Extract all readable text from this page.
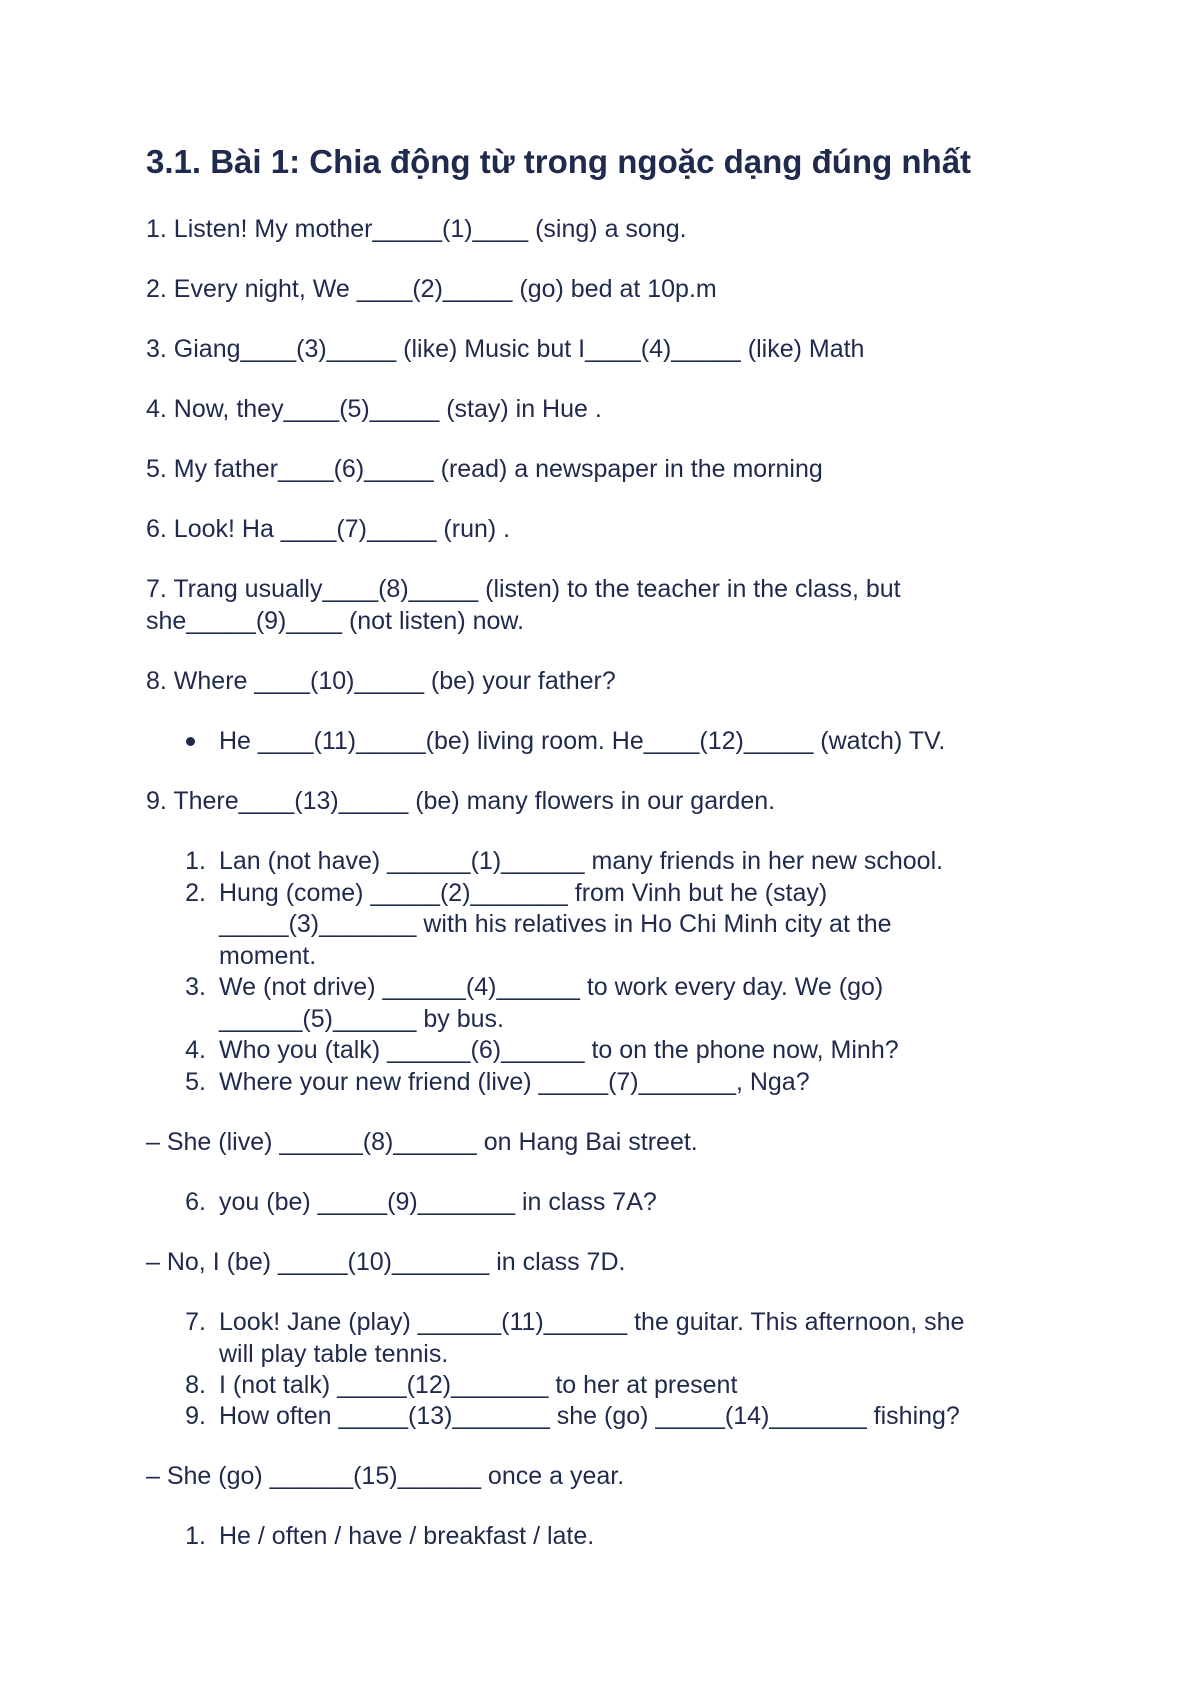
3.1. Bài 1: Chia động từ trong ngoặc dạng đúng nhất
1. Listen! My mother_____(1)____ (sing) a song.
2. Every night, We ____(2)_____ (go) bed at 10p.m
3. Giang____(3)_____ (like) Music but I____(4)_____ (like) Math
4. Now, they____(5)_____ (stay) in Hue .
5. My father____(6)_____ (read) a newspaper in the morning
6. Look! Ha ____(7)_____ (run) .
7. Trang usually____(8)_____ (listen) to the teacher in the class, but
she_____(9)____ (not listen) now.
8. Where ____(10)_____ (be) your father?
He ____(11)_____(be) living room. He____(12)_____ (watch) TV.
9. There____(13)_____ (be) many flowers in our garden.
1. Lan (not have) ______(1)______ many friends in her new school.
2. Hung (come) _____(2)_______ from Vinh but he (stay)
_____(3)_______ with his relatives in Ho Chi Minh city at the
moment.
3. We (not drive) ______(4)______ to work every day. We (go)
______(5)______ by bus.
4. Who you (talk) ______(6)______ to on the phone now, Minh?
5. Where your new friend (live) _____(7)_______, Nga?
– She (live) ______(8)______ on Hang Bai street.
6. you (be) _____(9)_______ in class 7A?
– No, I (be) _____(10)_______ in class 7D.
7. Look! Jane (play) ______(11)______ the guitar. This afternoon, she
will play table tennis.
8. I (not talk) _____(12)_______ to her at present
9. How often _____(13)_______ she (go) _____(14)_______ fishing?
– She (go) ______(15)______ once a year.
1. He / often / have / breakfast / late.
